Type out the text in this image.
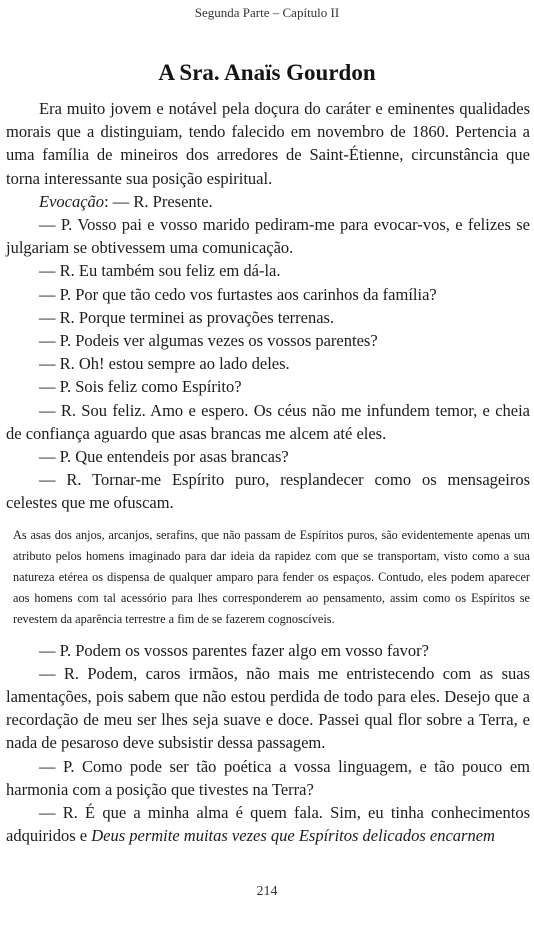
Segunda Parte – Capítulo II
A Sra. Anaïs Gourdon

Era muito jovem e notável pela doçura do caráter e eminentes qualidades morais que a distinguiam, tendo falecido em novembro de 1860. Pertencia a uma família de mineiros dos arredores de Saint-Étienne, circunstância que torna interessante sua posição espiritual.

Evocação: — R. Presente.

— P. Vosso pai e vosso marido pediram-me para evocar-vos, e felizes se julgariam se obtivessem uma comunicação.

— R. Eu também sou feliz em dá-la.

— P. Por que tão cedo vos furtastes aos carinhos da família?

— R. Porque terminei as provações terrenas.

— P. Podeis ver algumas vezes os vossos parentes?

— R. Oh! estou sempre ao lado deles.

— P. Sois feliz como Espírito?

— R. Sou feliz. Amo e espero. Os céus não me infundem temor, e cheia de confiança aguardo que asas brancas me alcem até eles.

— P. Que entendeis por asas brancas?

— R. Tornar-me Espírito puro, resplandecer como os mensageiros celestes que me ofuscam.

As asas dos anjos, arcanjos, serafins, que não passam de Espíritos puros, são evidentemente apenas um atributo pelos homens imaginado para dar ideia da rapidez com que se transportam, visto como a sua natureza etérea os dispensa de qualquer amparo para fender os espaços. Contudo, eles podem aparecer aos homens com tal acessório para lhes corresponderem ao pensamento, assim como os Espíritos se revestem da aparência terrestre a fim de se fazerem cognoscíveis.

— P. Podem os vossos parentes fazer algo em vosso favor?

— R. Podem, caros irmãos, não mais me entristecendo com as suas lamentações, pois sabem que não estou perdida de todo para eles. Desejo que a recordação de meu ser lhes seja suave e doce. Passei qual flor sobre a Terra, e nada de pesaroso deve subsistir dessa passagem.

— P. Como pode ser tão poética a vossa linguagem, e tão pouco em harmonia com a posição que tivestes na Terra?

— R. É que a minha alma é quem fala. Sim, eu tinha conhecimentos adquiridos e Deus permite muitas vezes que Espíritos delicados encarnem

214
